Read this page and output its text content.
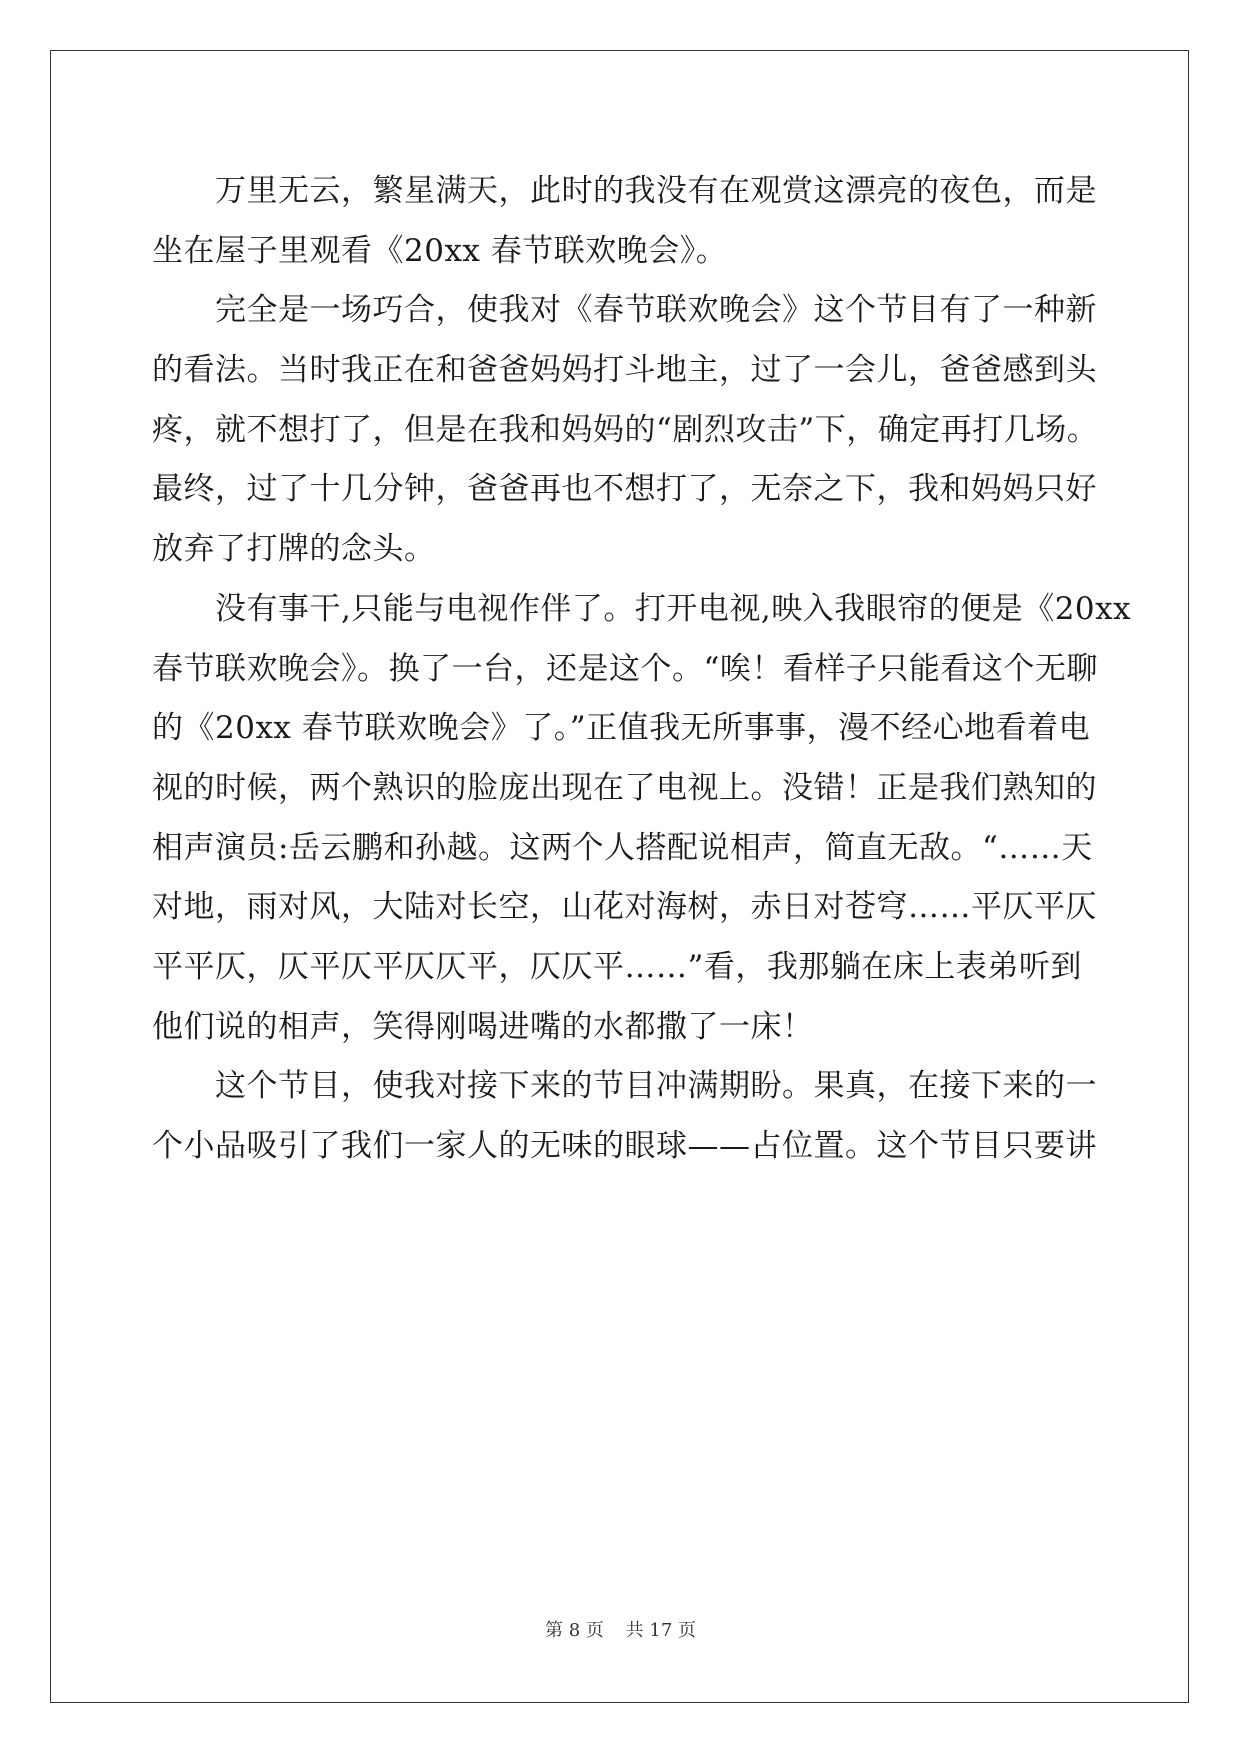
万里无云，繁星满天，此时的我没有在观赏这漂亮的夜色，而是
坐在屋子里观看《20xx 春节联欢晚会》。
完全是一场巧合，使我对《春节联欢晚会》这个节目有了一种新
的看法。当时我正在和爸爸妈妈打斗地主，过了一会儿，爸爸感到头
疼，就不想打了，但是在我和妈妈的“剧烈攻击”下，确定再打几场。
最终，过了十几分钟，爸爸再也不想打了，无奈之下，我和妈妈只好
放弃了打牌的念头。
没有事干,只能与电视作伴了。打开电视,映入我眼帘的便是《20xx
春节联欢晚会》。换了一台，还是这个。“唉！看样子只能看这个无聊
的《20xx 春节联欢晚会》了。”正值我无所事事，漫不经心地看着电
视的时候，两个熟识的脸庞出现在了电视上。没错！正是我们熟知的
相声演员:岳云鹏和孙越。这两个人搭配说相声，简直无敌。“……天
对地，雨对风，大陆对长空，山花对海树，赤日对苍穹……平仄平仄
平平仄，仄平仄平仄仄平，仄仄平……”看，我那躺在床上表弟听到
他们说的相声，笑得刚喝进嘴的水都撒了一床！
这个节目，使我对接下来的节目冲满期盼。果真，在接下来的一
个小品吸引了我们一家人的无味的眼球——占位置。这个节目只要讲
第 8 页 共 17 页
